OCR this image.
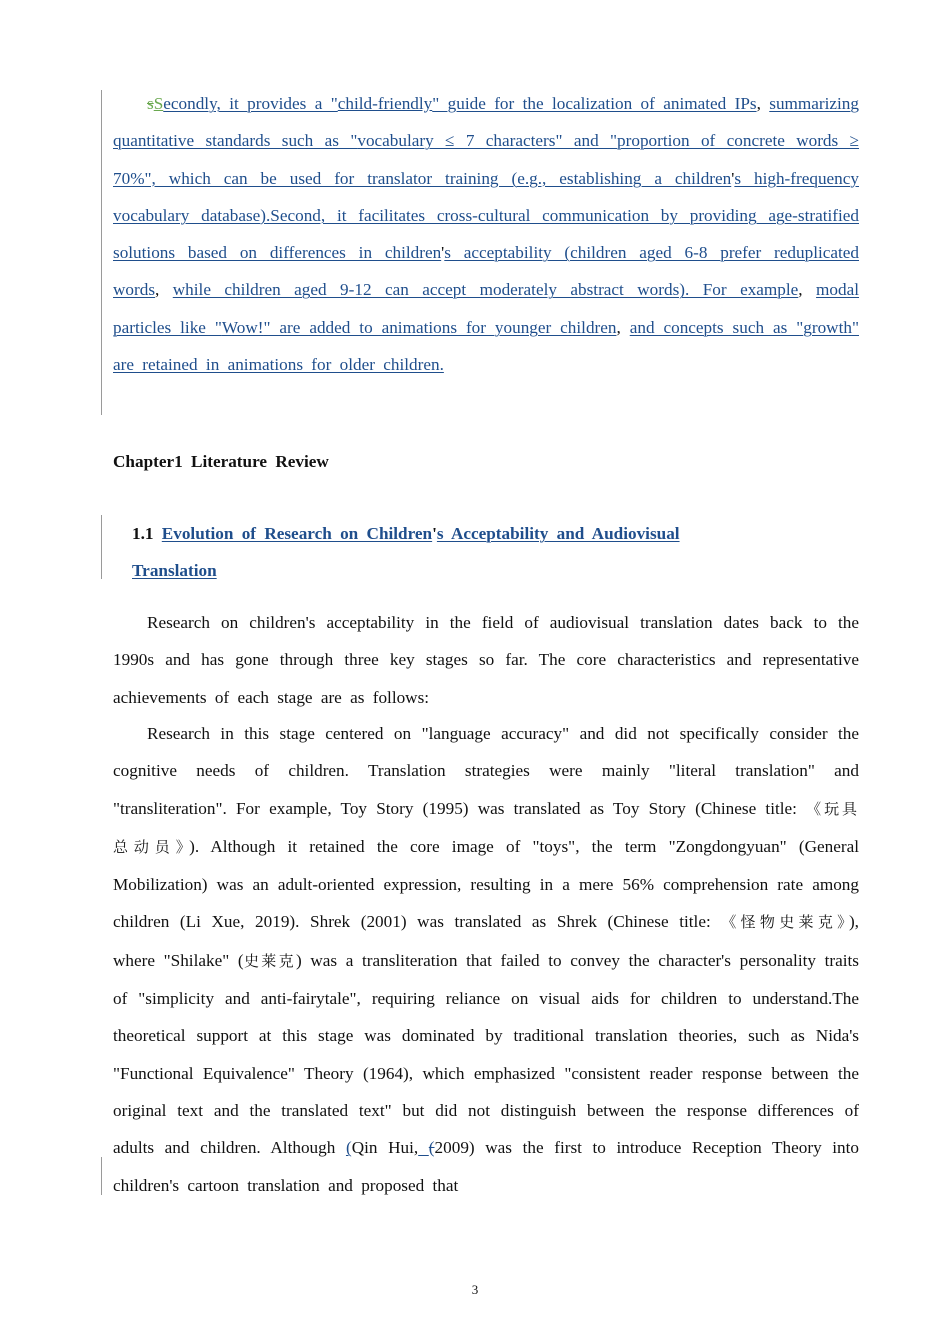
sSecondly, it provides a "child-friendly" guide for the localization of animated IPs, summarizing quantitative standards such as "vocabulary ≤ 7 characters" and "proportion of concrete words ≥ 70%", which can be used for translator training (e.g., establishing a children's high-frequency vocabulary database).Second, it facilitates cross-cultural communication by providing age-stratified solutions based on differences in children's acceptability (children aged 6-8 prefer reduplicated words, while children aged 9-12 can accept moderately abstract words). For example, modal particles like "Wow!" are added to animations for younger children, and concepts such as "growth" are retained in animations for older children.

Chapter1 Literature Review

1.1 Evolution of Research on Children's Acceptability and Audiovisual
Translation

Research on children's acceptability in the field of audiovisual translation dates back to the 1990s and has gone through three key stages so far. The core characteristics and representative achievements of each stage are as follows:

Research in this stage centered on "language accuracy" and did not specifically consider the cognitive needs of children. Translation strategies were mainly "literal translation" and "transliteration". For example, Toy Story (1995) was translated as Toy Story (Chinese title: 《玩具总动员》). Although it retained the core image of "toys", the term "Zongdongyuan" (General Mobilization) was an adult-oriented expression, resulting in a mere 56% comprehension rate among children (Li Xue, 2019). Shrek (2001) was translated as Shrek (Chinese title: 《怪物史莱克》), where "Shilake" (史莱克) was a transliteration that failed to convey the character's personality traits of "simplicity and anti-fairytale", requiring reliance on visual aids for children to understand.The theoretical support at this stage was dominated by traditional translation theories, such as Nida's "Functional Equivalence" Theory (1964), which emphasized "consistent reader response between the original text and the translated text" but did not distinguish between the response differences of adults and children. Although (Qin Hui, (2009) was the first to introduce Reception Theory into children's cartoon translation and proposed that

3
